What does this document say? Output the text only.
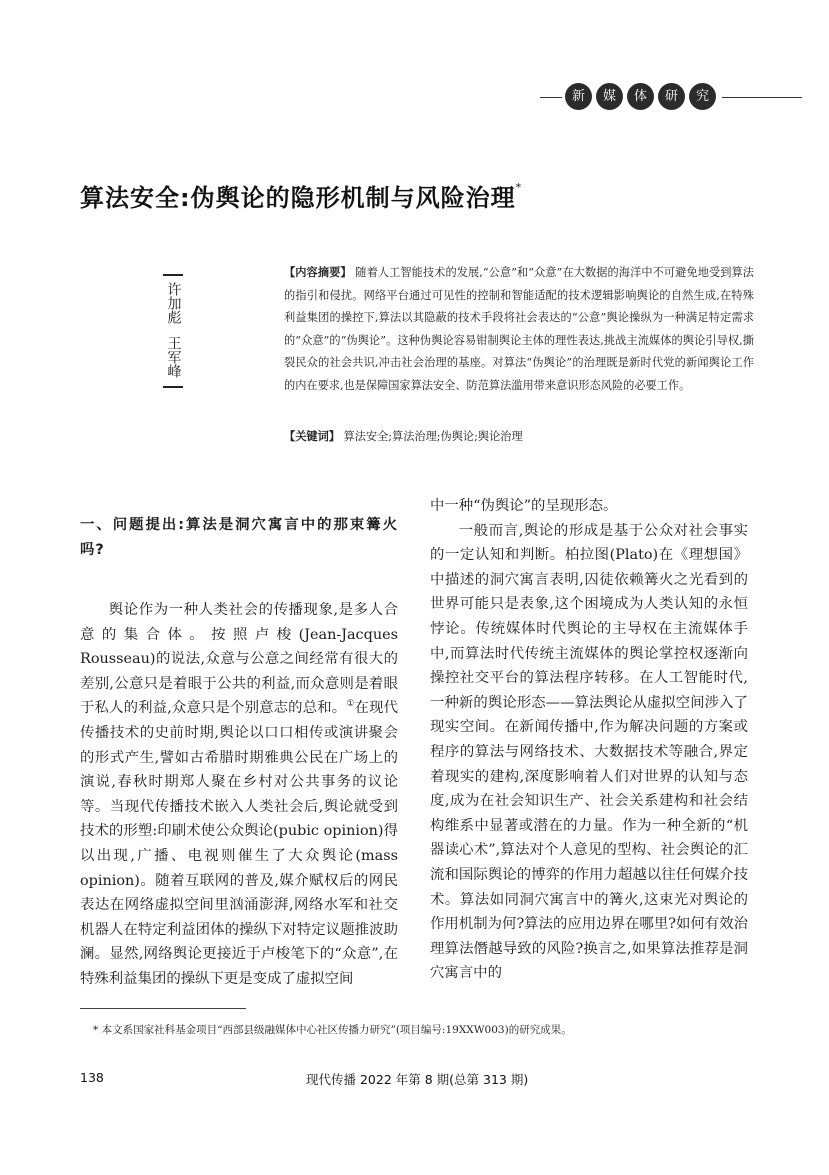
新	媒	体	研	究
算法安全:伪舆论的隐形机制与风险治理*
许加彪
王军峰
【内容摘要】 随着人工智能技术的发展,“公意”和“众意”在大数据的海洋中不可避免地受到算法的指引和侵扰。网络平台通过可见性的控制和智能适配的技术逻辑影响舆论的自然生成,在特殊利益集团的操控下,算法以其隐蔽的技术手段将社会表达的“公意”舆论操纵为一种满足特定需求的“众意”的“伪舆论”。这种伪舆论容易钳制舆论主体的理性表达,挑战主流媒体的舆论引导权,撕裂民众的社会共识,冲击社会治理的基座。对算法“伪舆论”的治理既是新时代党的新闻舆论工作的内在要求,也是保障国家算法安全、防范算法滥用带来意识形态风险的必要工作。
【关键词】 算法安全;算法治理;伪舆论;舆论治理
一、问题提出:算法是洞穴寓言中的那束篝火吗?

舆论作为一种人类社会的传播现象,是多人合意的集合体。按照卢梭(Jean-Jacques Rousseau)的说法,众意与公意之间经常有很大的差别,公意只是着眼于公共的利益,而众意则是着眼于私人的利益,众意只是个别意志的总和。①在现代传播技术的史前时期,舆论以口口相传或演讲聚会的形式产生,譬如古希腊时期雅典公民在广场上的演说,春秋时期郑人聚在乡村对公共事务的议论等。当现代传播技术嵌入人类社会后,舆论就受到技术的形塑:印刷术使公众舆论(pubic opinion)得以出现,广播、电视则催生了大众舆论(mass opinion)。随着互联网的普及,媒介赋权后的网民表达在网络虚拟空间里汹涌澎湃,网络水军和社交机器人在特定利益团体的操纵下对特定议题推波助澜。显然,网络舆论更接近于卢梭笔下的“众意”,在特殊利益集团的操纵下更是变成了虚拟空间

中一种“伪舆论”的呈现形态。

一般而言,舆论的形成是基于公众对社会事实的一定认知和判断。柏拉图(Plato)在《理想国》中描述的洞穴寓言表明,囚徒依赖篝火之光看到的世界可能只是表象,这个困境成为人类认知的永恒悖论。传统媒体时代舆论的主导权在主流媒体手中,而算法时代传统主流媒体的舆论掌控权逐渐向操控社交平台的算法程序转移。在人工智能时代,一种新的舆论形态——算法舆论从虚拟空间涉入了现实空间。在新闻传播中,作为解决问题的方案或程序的算法与网络技术、大数据技术等融合,界定着现实的建构,深度影响着人们对世界的认知与态度,成为在社会知识生产、社会关系建构和社会结构维系中显著或潜在的力量。作为一种全新的“机器读心术”,算法对个人意见的型构、社会舆论的汇流和国际舆论的博弈的作用力超越以往任何媒介技术。算法如同洞穴寓言中的篝火,这束光对舆论的作用机制为何?算法的应用边界在哪里?如何有效治理算法僭越导致的风险?换言之,如果算法推荐是洞穴寓言中的

* 本文系国家社科基金项目“西部县级融媒体中心社区传播力研究”(项目编号:19XXW003)的研究成果。
138	现代传播 2022 年第 8 期(总第 313 期)
